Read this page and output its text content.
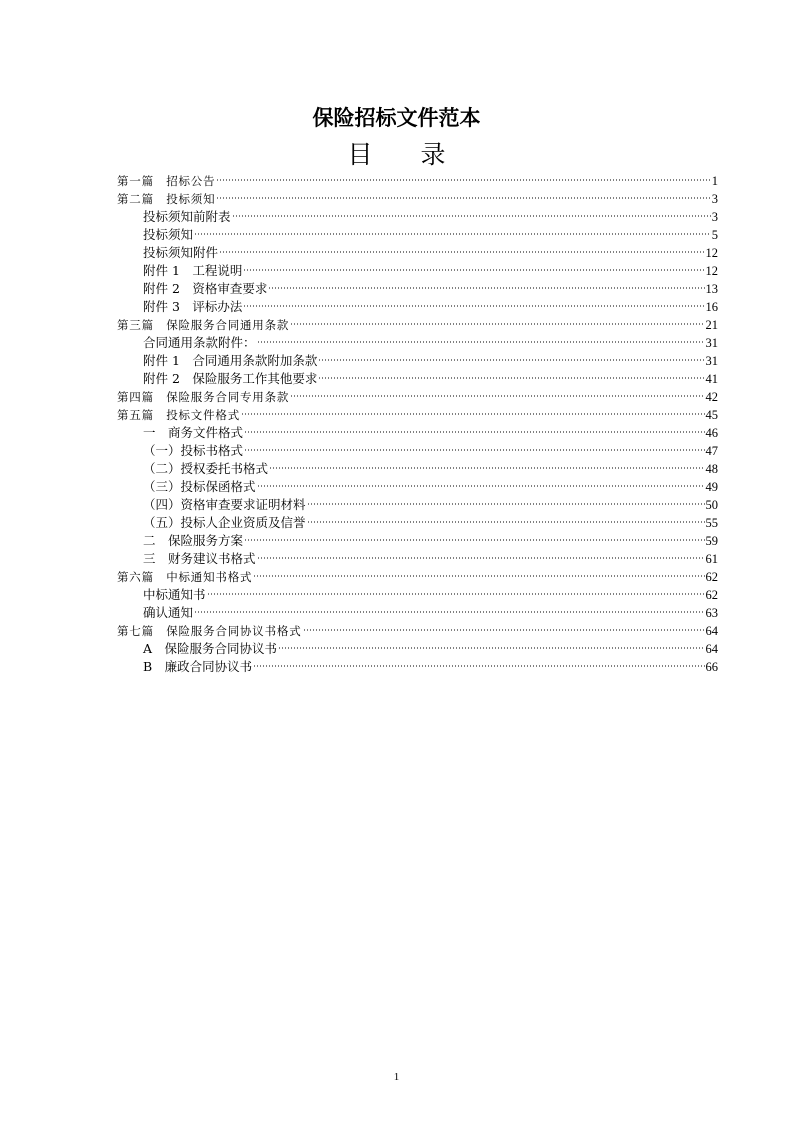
保险招标文件范本
目录
第一篇　招标公告	1
第二篇　投标须知	3
投标须知前附表	3
投标须知	5
投标须知附件	12
附件 1　工程说明	12
附件 2　资格审查要求	13
附件 3　评标办法	16
第三篇　保险服务合同通用条款	21
合同通用条款附件：	31
附件 1　合同通用条款附加条款	31
附件 2　保险服务工作其他要求	41
第四篇　保险服务合同专用条款	42
第五篇　投标文件格式	45
一　商务文件格式	46
（一）投标书格式	47
（二）授权委托书格式	48
（三）投标保函格式	49
（四）资格审查要求证明材料	50
（五）投标人企业资质及信誉	55
二　保险服务方案	59
三　财务建议书格式	61
第六篇　中标通知书格式	62
中标通知书	62
确认通知	63
第七篇　保险服务合同协议书格式	64
A　保险服务合同协议书	64
B　廉政合同协议书	66
1
